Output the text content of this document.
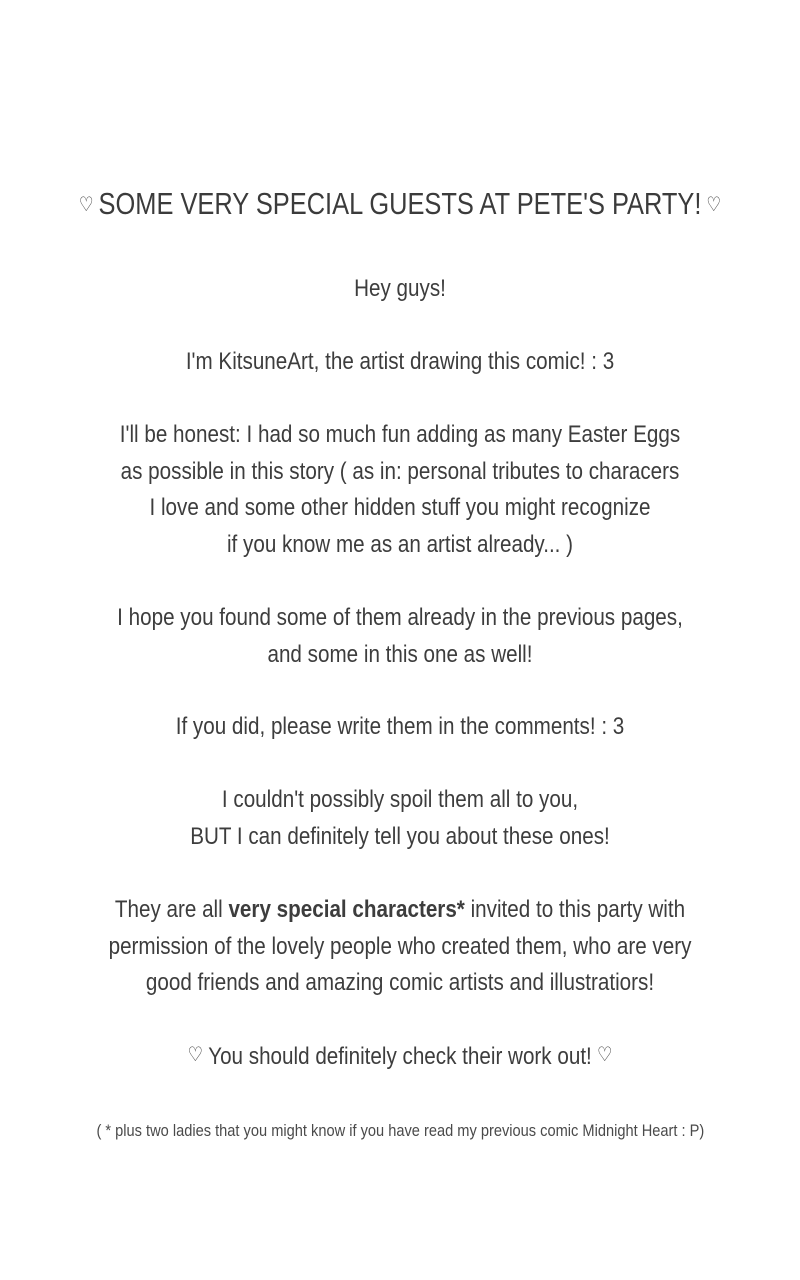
♡ SOME VERY SPECIAL GUESTS AT PETE'S PARTY! ♡
Hey guys!
I'm KitsuneArt, the artist drawing this comic! : 3
I'll be honest: I had so much fun adding as many Easter Eggs
as possible in this story ( as in: personal tributes to characers
I love and some other hidden stuff you might recognize
if you know me as an artist already... )
I hope you found some of them already in the previous pages,
and some in this one as well!
If you did, please write them in the comments! : 3
I couldn't possibly spoil them all to you,
BUT I can definitely tell you about these ones!
They are all very special characters* invited to this party with
permission of the lovely people who created them, who are very
good friends and amazing comic artists and illustratiors!
♡ You should definitely check their work out! ♡
( * plus two ladies that you might know if you have read my previous comic Midnight Heart : P)
